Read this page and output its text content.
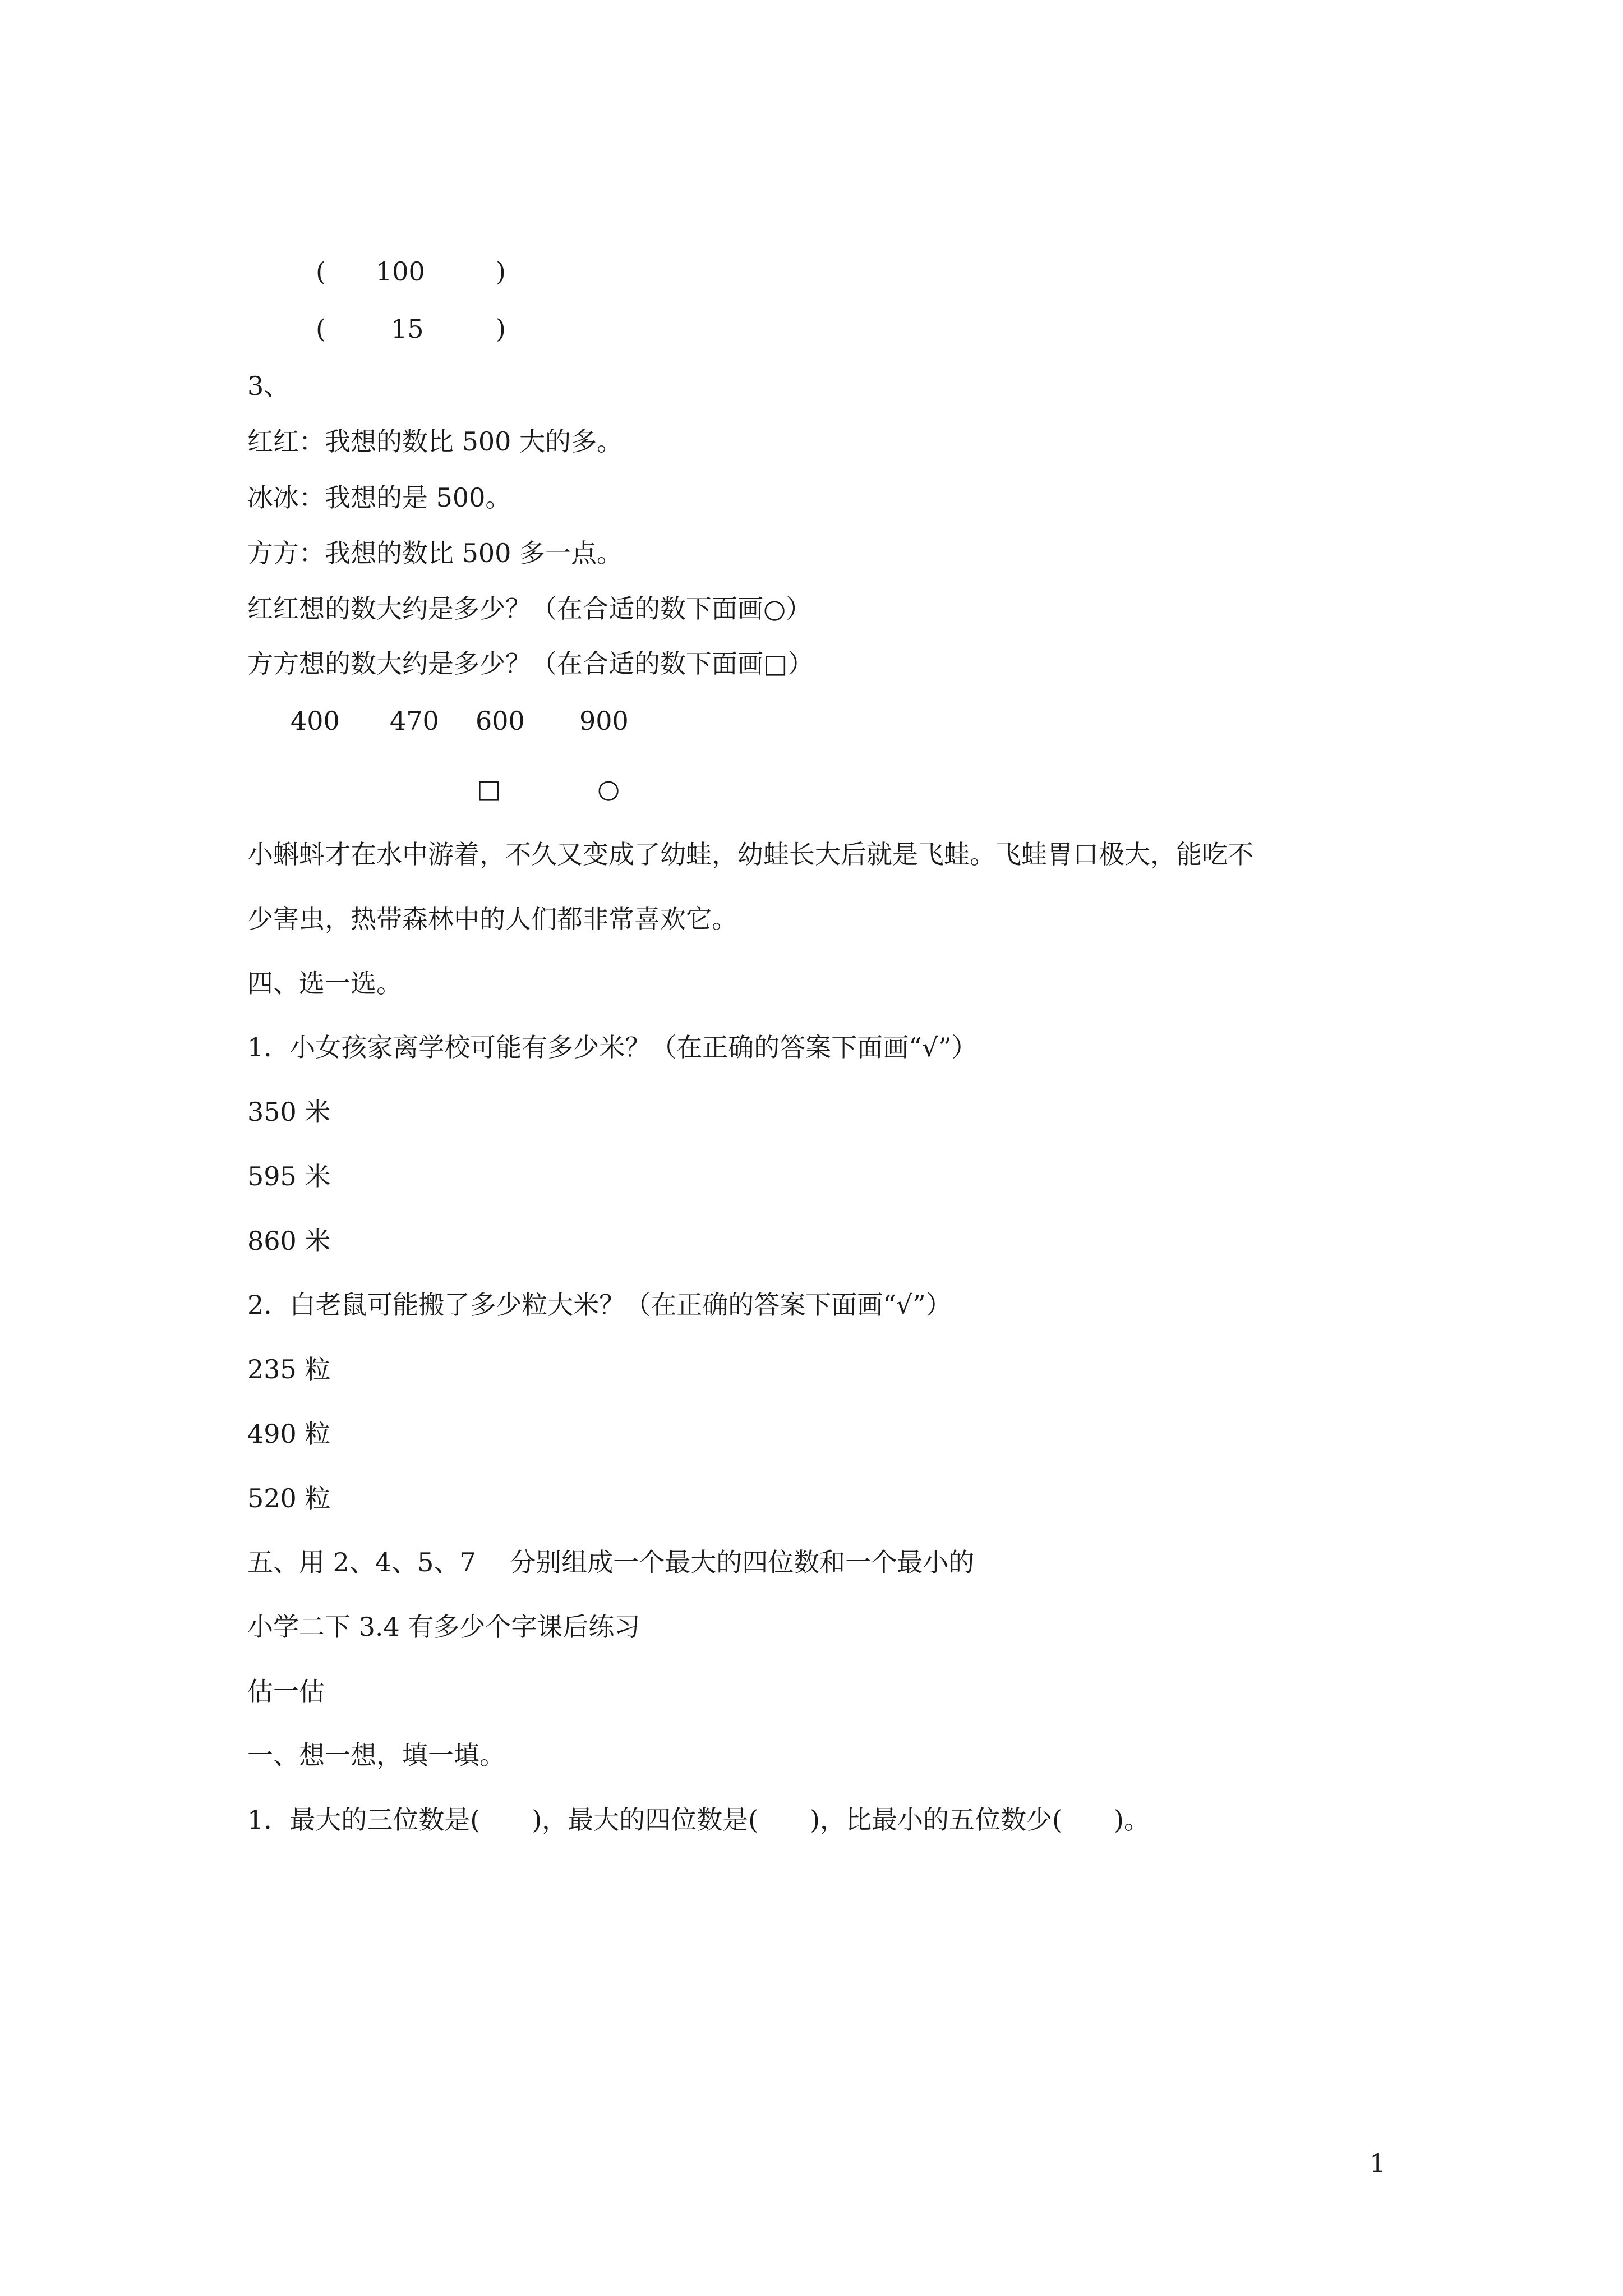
( 100	)
(	15	)
3、
红红：我想的数比 500 大的多。
冰冰：我想的是 500。
方方：我想的数比 500 多一点。
红红想的数大约是多少？（在合适的数下面画○）
方方想的数大约是多少？（在合适的数下面画□）
400 470 600 900
□	○
小蝌蚪才在水中游着，不久又变成了幼蛙，幼蛙长大后就是飞蛙。飞蛙胃口极大，能吃不
少害虫，热带森林中的人们都非常喜欢它。
四、选一选。
1．小女孩家离学校可能有多少米？（在正确的答案下面画“√”）
350 米
595 米
860 米
2．白老鼠可能搬了多少粒大米？（在正确的答案下面画“√”）
235 粒
490 粒
520 粒
五、用 2、4、5、7　 分别组成一个最大的四位数和一个最小的
小学二下 3.4 有多少个字课后练习
估一估
一、想一想，填一填。
1．最大的三位数是(　　)，最大的四位数是(　　)，比最小的五位数少(　　)。
1
